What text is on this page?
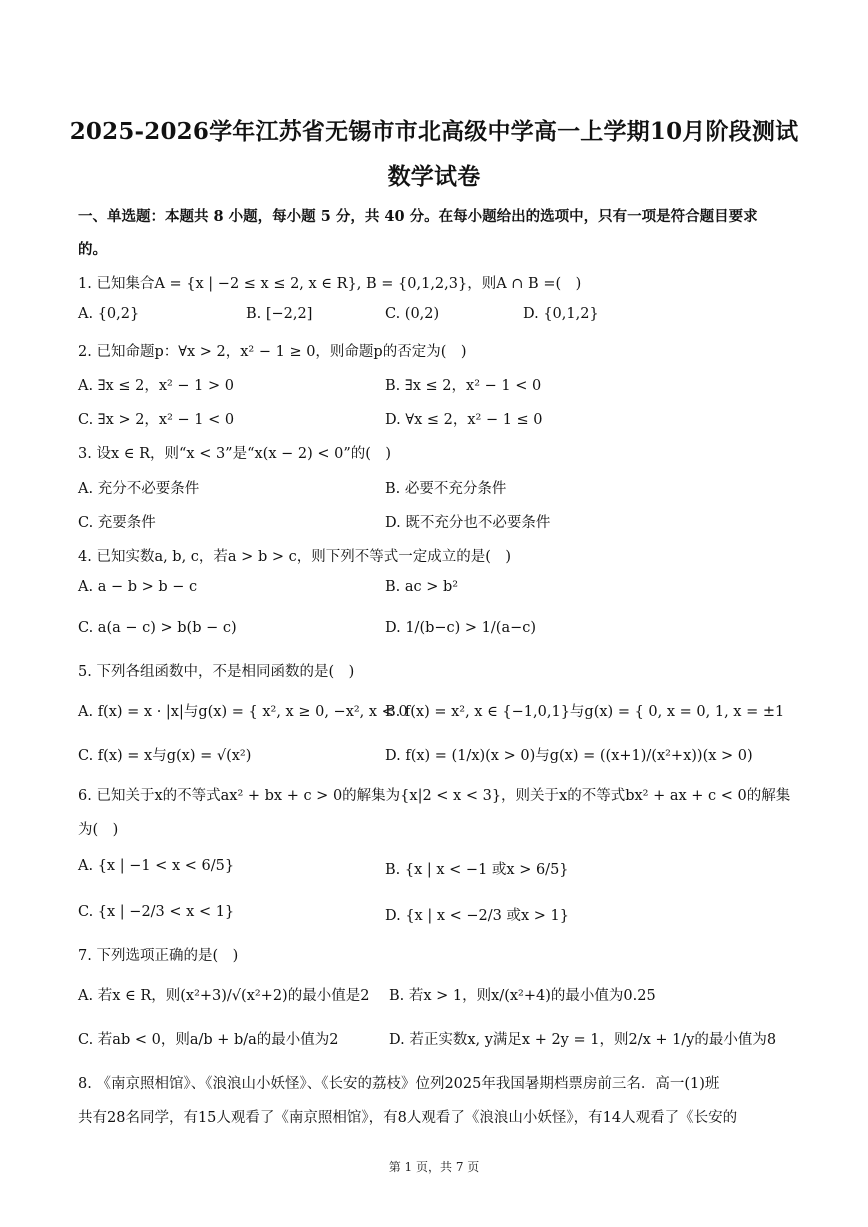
2025-2026学年江苏省无锡市市北高级中学高一上学期10月阶段测试
数学试卷
一、单选题：本题共 8 小题，每小题 5 分，共 40 分。在每小题给出的选项中，只有一项是符合题目要求
的。
1. 已知集合A = {x | −2 ≤ x ≤ 2, x ∈ R}, B = {0,1,2,3}，则A ∩ B =(　)
A. {0,2}	B. [−2,2]	C. (0,2)	D. {0,1,2}
2. 已知命题p：∀x > 2，x² − 1 ≥ 0，则命题p的否定为(　)
A. ∃x ≤ 2，x² − 1 > 0	B. ∃x ≤ 2，x² − 1 < 0
C. ∃x > 2，x² − 1 < 0	D. ∀x ≤ 2，x² − 1 ≤ 0
3. 设x ∈ R，则“x < 3”是“x(x − 2) < 0”的(　)
A. 充分不必要条件	B. 必要不充分条件
C. 充要条件	D. 既不充分也不必要条件
4. 已知实数a, b, c，若a > b > c，则下列不等式一定成立的是(　)
A. a − b > b − c	B. ac > b²
C. a(a − c) > b(b − c)	D. 1/(b−c) > 1/(a−c)
5. 下列各组函数中，不是相同函数的是(　)
A. f(x) = x · |x|与g(x) = { x², x ≥ 0, −x², x < 0
B. f(x) = x², x ∈ {−1,0,1}与g(x) = { 0, x = 0, 1, x = ±1
C. f(x) = x与g(x) = √(x²)	D. f(x) = (1/x)(x > 0)与g(x) = ((x+1)/(x²+x))(x > 0)
6. 已知关于x的不等式ax² + bx + c > 0的解集为{x|2 < x < 3}，则关于x的不等式bx² + ax + c < 0的解集
为(　)
A. {x | −1 < x < 6/5}	B. {x | x < −1 或x > 6/5}
C. {x | −2/3 < x < 1}	D. {x | x < −2/3 或x > 1}
7. 下列选项正确的是(　)
A. 若x ∈ R，则(x²+3)/√(x²+2)的最小值是2 B. 若x > 1，则x/(x²+4)的最小值为0.25
C. 若ab < 0，则a/b + b/a的最小值为2	D. 若正实数x, y满足x + 2y = 1，则2/x + 1/y的最小值为8
8. 《南京照相馆》、《浪浪山小妖怪》、《长安的荔枝》位列2025年我国暑期档票房前三名．高一(1)班
共有28名同学，有15人观看了《南京照相馆》，有8人观看了《浪浪山小妖怪》，有14人观看了《长安的
第 1 页，共 7 页
